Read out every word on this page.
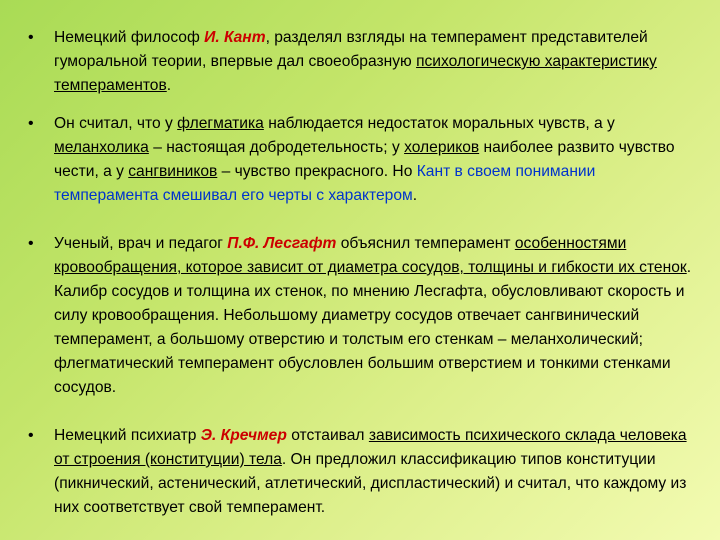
• Немецкий философ И. Кант, разделял взгляды на темперамент представителей гуморальной теории, впервые дал своеобразную психологическую характеристику темпераментов.
• Он считал, что у флегматика наблюдается недостаток моральных чувств, а у меланхолика – настоящая добродетельность; у холериков наиболее развито чувство чести, а у сангвиников – чувство прекрасного. Но Кант в своем понимании темперамента смешивал его черты с характером.
• Ученый, врач и педагог П.Ф. Лесгафт объяснил темперамент особенностями кровообращения, которое зависит от диаметра сосудов, толщины и гибкости их стенок. Калибр сосудов и толщина их стенок, по мнению Лесгафта, обусловливают скорость и силу кровообращения. Небольшому диаметру сосудов отвечает сангвинический темперамент, а большому отверстию и толстым его стенкам – меланхолический; флегматический темперамент обусловлен большим отверстием и тонкими стенками сосудов.
• Немецкий психиатр Э. Кречмер отстаивал зависимость психического склада человека от строения (конституции) тела. Он предложил классификацию типов конституции (пикнический, астенический, атлетический, диспластический) и считал, что каждому из них соответствует свой темперамент.
